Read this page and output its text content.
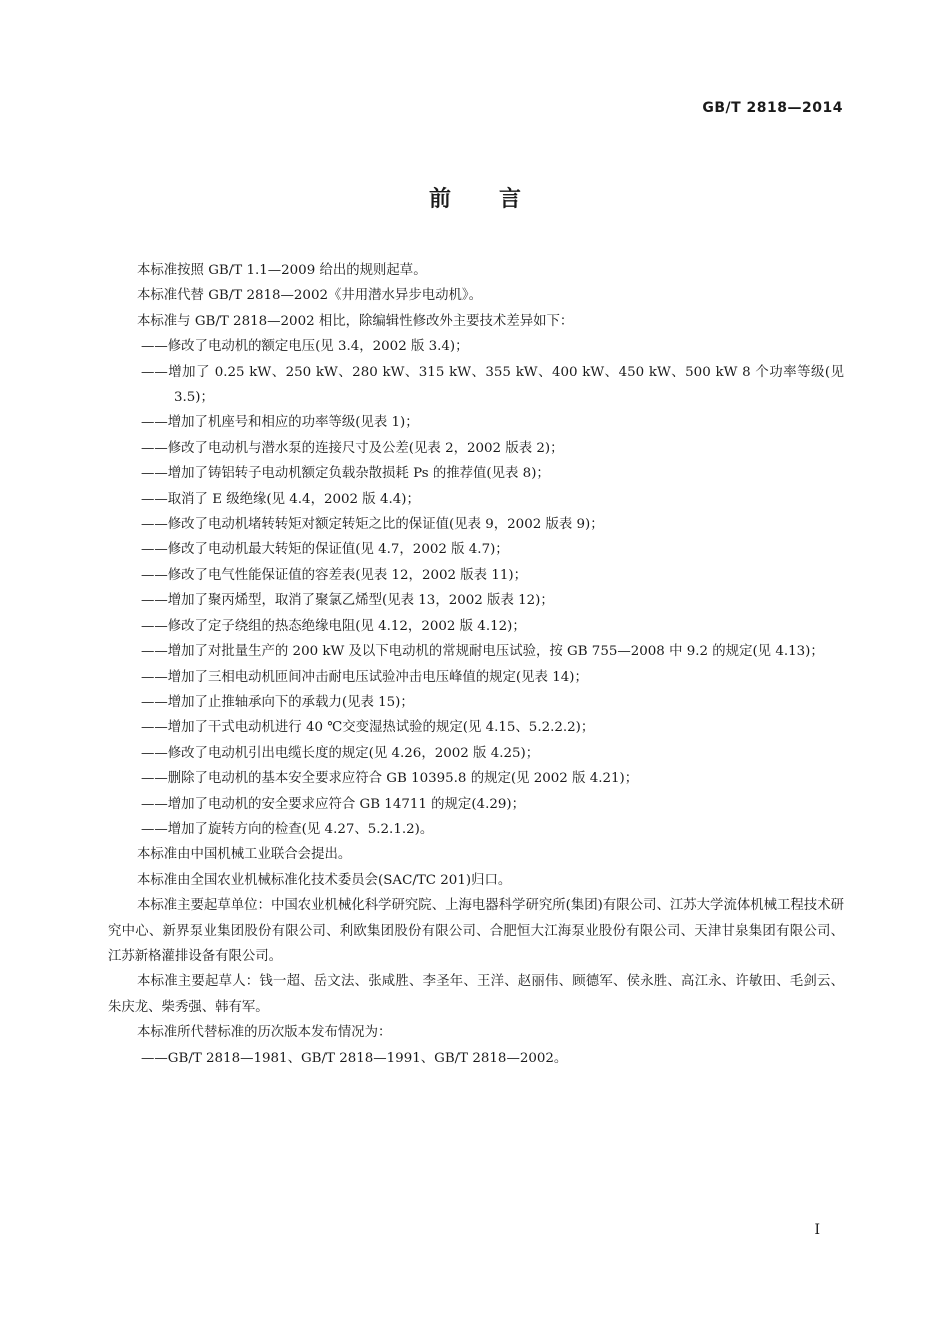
GB/T 2818—2014
前言

本标准按照 GB/T 1.1—2009 给出的规则起草。

本标准代替 GB/T 2818—2002《井用潜水异步电动机》。

本标准与 GB/T 2818—2002 相比，除编辑性修改外主要技术差异如下：

——修改了电动机的额定电压(见 3.4，2002 版 3.4)；

——增加了 0.25 kW、250 kW、280 kW、315 kW、355 kW、400 kW、450 kW、500 kW 8 个功率等级(见 3.5)；

——增加了机座号和相应的功率等级(见表 1)；

——修改了电动机与潜水泵的连接尺寸及公差(见表 2，2002 版表 2)；

——增加了铸铝转子电动机额定负载杂散损耗 Ps 的推荐值(见表 8)；

——取消了 E 级绝缘(见 4.4，2002 版 4.4)；

——修改了电动机堵转转矩对额定转矩之比的保证值(见表 9，2002 版表 9)；

——修改了电动机最大转矩的保证值(见 4.7，2002 版 4.7)；

——修改了电气性能保证值的容差表(见表 12，2002 版表 11)；

——增加了聚丙烯型，取消了聚氯乙烯型(见表 13，2002 版表 12)；

——修改了定子绕组的热态绝缘电阻(见 4.12，2002 版 4.12)；

——增加了对批量生产的 200 kW 及以下电动机的常规耐电压试验，按 GB 755—2008 中 9.2 的规定(见 4.13)；

——增加了三相电动机匝间冲击耐电压试验冲击电压峰值的规定(见表 14)；

——增加了止推轴承向下的承载力(见表 15)；

——增加了干式电动机进行 40 ℃交变湿热试验的规定(见 4.15、5.2.2.2)；

——修改了电动机引出电缆长度的规定(见 4.26，2002 版 4.25)；

——删除了电动机的基本安全要求应符合 GB 10395.8 的规定(见 2002 版 4.21)；

——增加了电动机的安全要求应符合 GB 14711 的规定(4.29)；

——增加了旋转方向的检查(见 4.27、5.2.1.2)。

本标准由中国机械工业联合会提出。

本标准由全国农业机械标准化技术委员会(SAC/TC 201)归口。

本标准主要起草单位：中国农业机械化科学研究院、上海电器科学研究所(集团)有限公司、江苏大学流体机械工程技术研究中心、新界泵业集团股份有限公司、利欧集团股份有限公司、合肥恒大江海泵业股份有限公司、天津甘泉集团有限公司、江苏新格灌排设备有限公司。

本标准主要起草人：钱一超、岳文法、张咸胜、李圣年、王洋、赵丽伟、顾德军、侯永胜、高江永、许敏田、毛剑云、朱庆龙、柴秀强、韩有军。

本标准所代替标准的历次版本发布情况为：

——GB/T 2818—1981、GB/T 2818—1991、GB/T 2818—2002。

I
